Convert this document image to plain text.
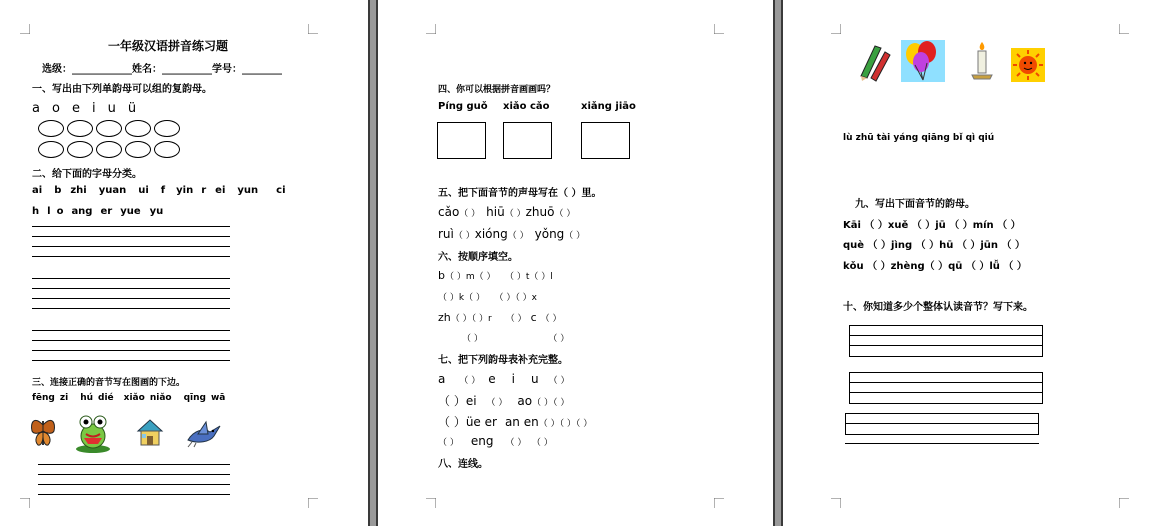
一年级汉语拼音练习题
选级：____________姓名：__________学号：________
一、写出由下列单韵母可以组的复韵母。
a o e i u ü
二、给下面的字母分类。
ai b zhi yuan ui f yin r ei yun ci
h l o ang er yue yu
三、连接正确的音节写在图画的下边。
fēng zi hú dié xiǎo niǎo qīng wā
四、你可以根据拼音画画吗？
Píng guǒ xiǎo cǎo	xiǎng jiāo
五、把下面音节的声母写在（ ）里。
cǎo（ ） hiū（ ）zhuō（ ）
ruì（ ）xióng（ ） yǒng（ ）
六、按顺序填空。
b（ ）m（ ） （ ）t（ ）l
（ ）k（ ） （ ）（ ）x
zh（ ）（ ）r （ ） c （ ）
（ ）	（ ）
七、把下列韵母表补充完整。
a （ ） e i u （ ）
（ ）ei （ ） ao（ ）（ ）
（ ）üe er an en（ ）（ ）（ ）
（ ） eng （ ） （ ）
八、连线。
lù zhū tài yáng qiāng bǐ qì qiú
九、写出下面音节的韵母。
Kāi （ ）xuě （ ）jū （ ）mín （ ）
què （ ）jìng （ ）hū （ ）jūn （ ）
kǒu （ ）zhèng（ ）qū （ ）lǚ （ ）
十、你知道多少个整体认读音节？写下来。
